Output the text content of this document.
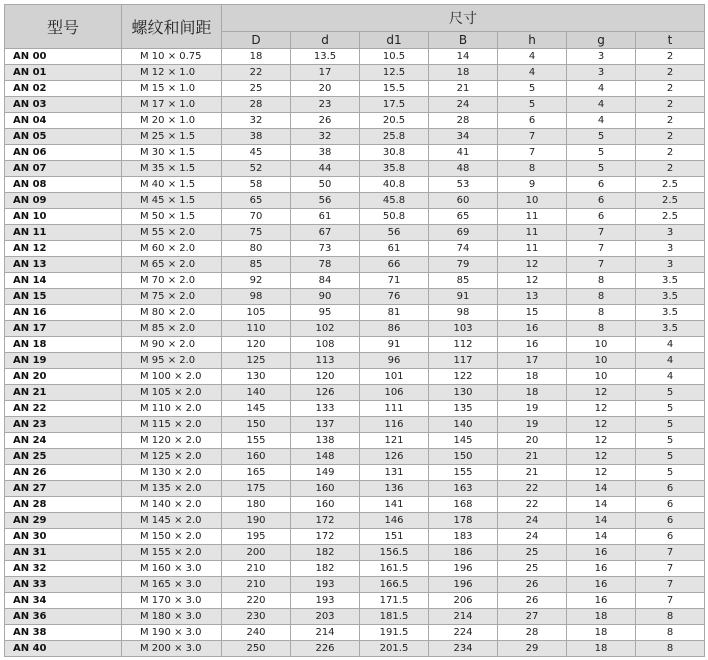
型号	螺纹和间距	尺寸						
		D	d	d1	B	h	g	t
AN 00	M 10 × 0.75	18	13.5	10.5	14	4	3	2
AN 01	M 12 × 1.0	22	17	12.5	18	4	3	2
AN 02	M 15 × 1.0	25	20	15.5	21	5	4	2
AN 03	M 17 × 1.0	28	23	17.5	24	5	4	2
AN 04	M 20 × 1.0	32	26	20.5	28	6	4	2
AN 05	M 25 × 1.5	38	32	25.8	34	7	5	2
AN 06	M 30 × 1.5	45	38	30.8	41	7	5	2
AN 07	M 35 × 1.5	52	44	35.8	48	8	5	2
AN 08	M 40 × 1.5	58	50	40.8	53	9	6	2.5
AN 09	M 45 × 1.5	65	56	45.8	60	10	6	2.5
AN 10	M 50 × 1.5	70	61	50.8	65	11	6	2.5
AN 11	M 55 × 2.0	75	67	56	69	11	7	3
AN 12	M 60 × 2.0	80	73	61	74	11	7	3
AN 13	M 65 × 2.0	85	78	66	79	12	7	3
AN 14	M 70 × 2.0	92	84	71	85	12	8	3.5
AN 15	M 75 × 2.0	98	90	76	91	13	8	3.5
AN 16	M 80 × 2.0	105	95	81	98	15	8	3.5
AN 17	M 85 × 2.0	110	102	86	103	16	8	3.5
AN 18	M 90 × 2.0	120	108	91	112	16	10	4
AN 19	M 95 × 2.0	125	113	96	117	17	10	4
AN 20	M 100 × 2.0	130	120	101	122	18	10	4
AN 21	M 105 × 2.0	140	126	106	130	18	12	5
AN 22	M 110 × 2.0	145	133	111	135	19	12	5
AN 23	M 115 × 2.0	150	137	116	140	19	12	5
AN 24	M 120 × 2.0	155	138	121	145	20	12	5
AN 25	M 125 × 2.0	160	148	126	150	21	12	5
AN 26	M 130 × 2.0	165	149	131	155	21	12	5
AN 27	M 135 × 2.0	175	160	136	163	22	14	6
AN 28	M 140 × 2.0	180	160	141	168	22	14	6
AN 29	M 145 × 2.0	190	172	146	178	24	14	6
AN 30	M 150 × 2.0	195	172	151	183	24	14	6
AN 31	M 155 × 2.0	200	182	156.5	186	25	16	7
AN 32	M 160 × 3.0	210	182	161.5	196	25	16	7
AN 33	M 165 × 3.0	210	193	166.5	196	26	16	7
AN 34	M 170 × 3.0	220	193	171.5	206	26	16	7
AN 36	M 180 × 3.0	230	203	181.5	214	27	18	8
AN 38	M 190 × 3.0	240	214	191.5	224	28	18	8
AN 40	M 200 × 3.0	250	226	201.5	234	29	18	8
